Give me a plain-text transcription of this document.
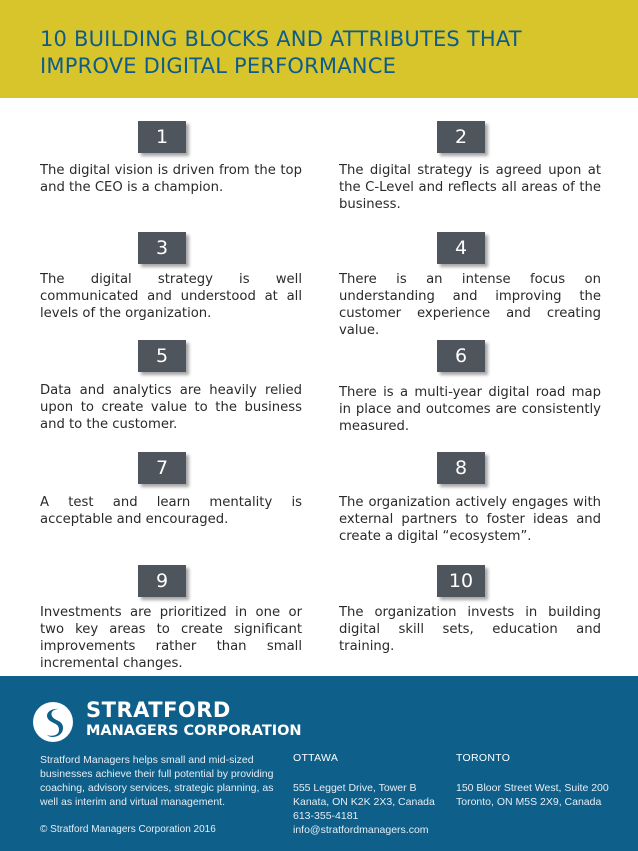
10 BUILDING BLOCKS AND ATTRIBUTES THAT
IMPROVE DIGITAL PERFORMANCE
1
The digital vision is driven from the top and the CEO is a champion.
3
The digital strategy is well communicated and understood at all levels of the organization.
5
Data and analytics are heavily relied upon to create value to the business and to the customer.
7
A test and learn mentality is acceptable and encouraged.
9
Investments are prioritized in one or two key areas to create significant improvements rather than small incremental changes.
2
The digital strategy is agreed upon at the C-Level and reflects all areas of the business.
4
There is an intense focus on understanding and improving the customer experience and creating value.
6
There is a multi-year digital road map in place and outcomes are consistently measured.
8
The organization actively engages with external partners to foster ideas and create a digital “ecosystem”.
10
The organization invests in building digital skill sets, education and training.
STRATFORD
MANAGERS CORPORATION
Stratford Managers helps small and mid-sized businesses achieve their full potential by providing coaching, advisory services, strategic planning, as well as interim and virtual management.
© Stratford Managers Corporation 2016
OTTAWA
555 Legget Drive, Tower B
Kanata, ON K2K 2X3, Canada
613-355-4181
info@stratfordmanagers.com
TORONTO
150 Bloor Street West, Suite 200
Toronto, ON M5S 2X9, Canada
